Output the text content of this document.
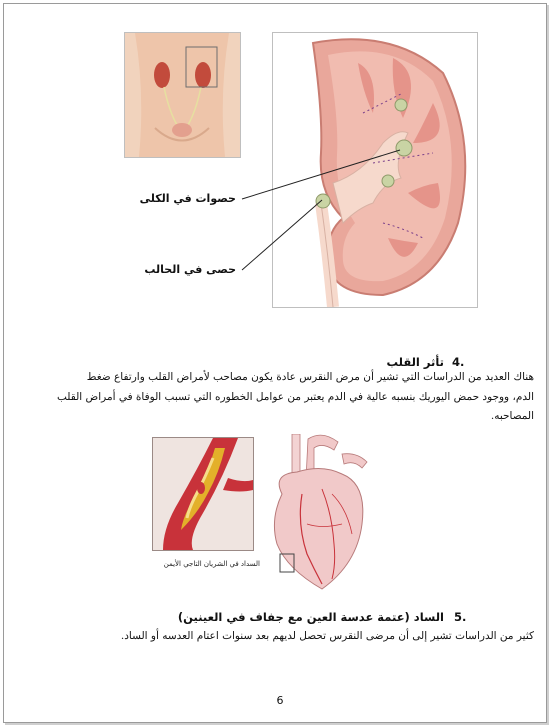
حصوات في الكلى
حصى في الحالب
تأثر القلب 4.
هناك العديد من الدراسات التي تشير أن مرض النقرس عادة يكون مصاحب لأمراض القلب وارتفاع ضغط
الدم، ووجود حمض اليوريك بنسبه عالية في الدم يعتبر من عوامل الخطوره التي تسبب الوفاة في أمراض القلب
المصاحبه.
السداد في الشريان التاجي الأيمن
الساد (عتمة عدسة العين مع جفاف في العينين) 5.
كثير من الدراسات تشير إلى أن مرضى النقرس تحصل لديهم بعد سنوات اعتام العدسه أو الساد.
6
